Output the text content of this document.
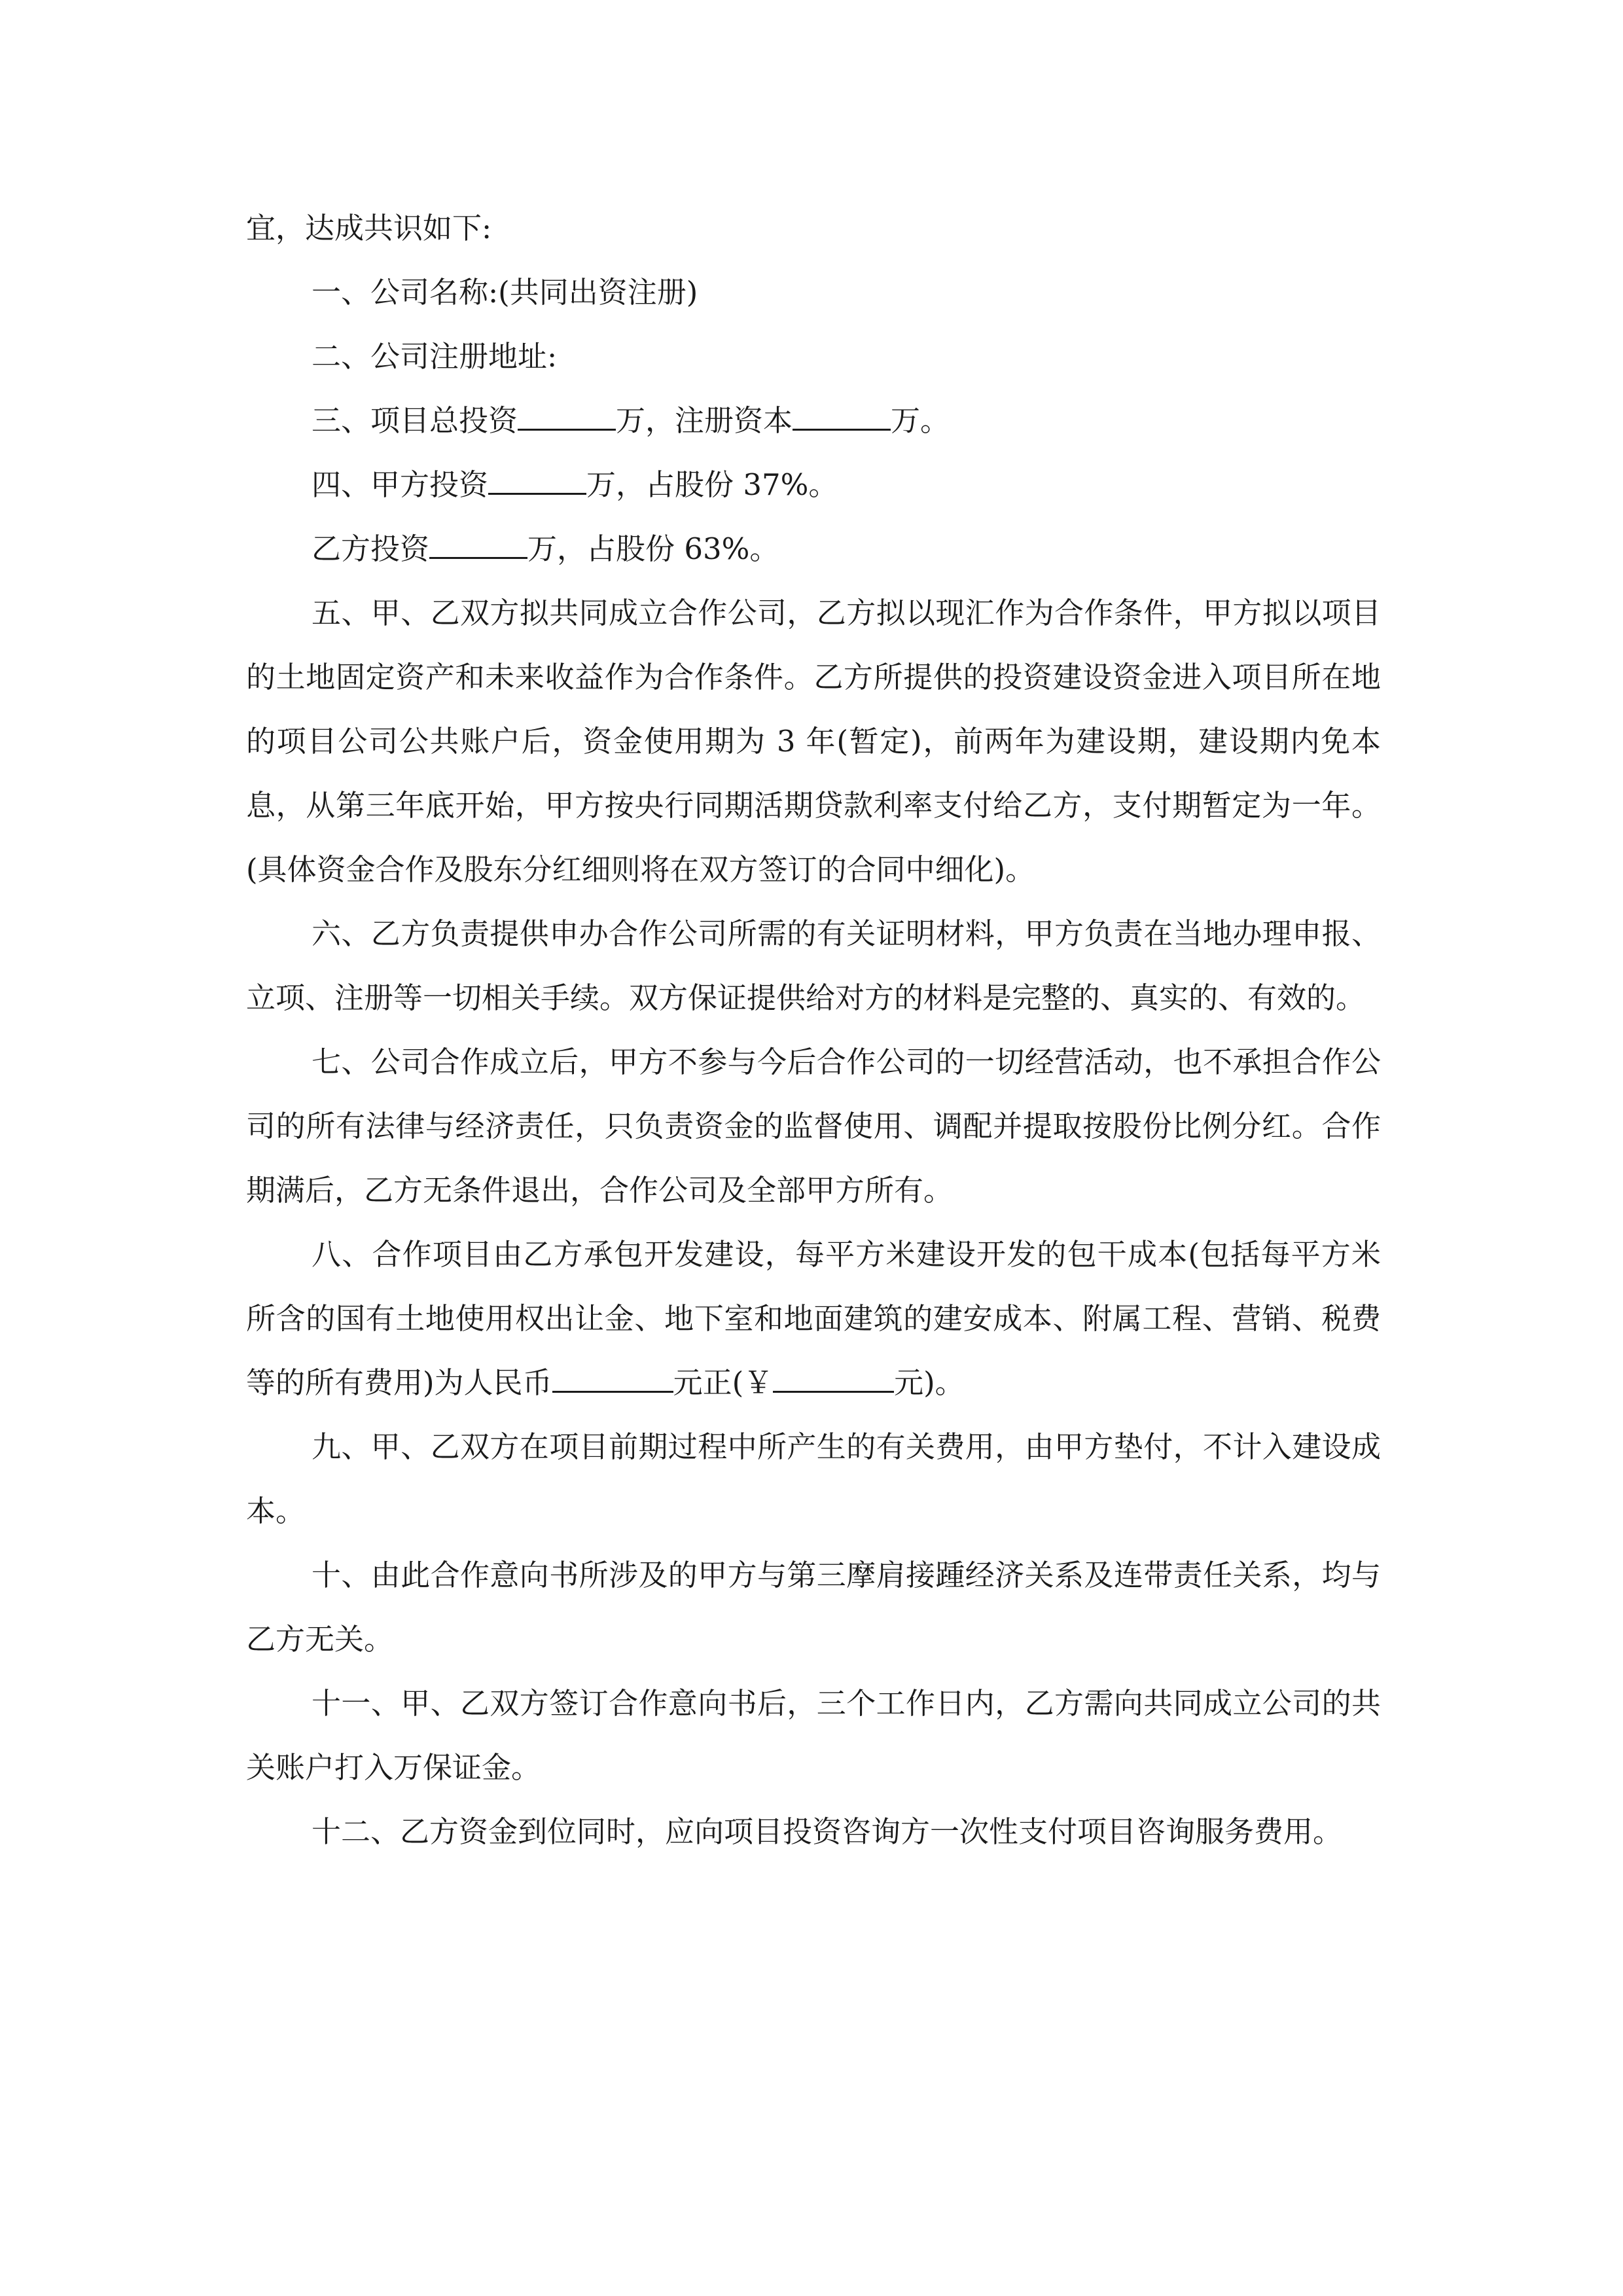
宜，达成共识如下:

一、公司名称:(共同出资注册)

二、公司注册地址:

三、项目总投资	万，注册资本	万。

四、甲方投资	万，占股份 37%。

乙方投资	万，占股份 63%。

五、甲、乙双方拟共同成立合作公司，乙方拟以现汇作为合作条件，甲方拟以项目的土地固定资产和未来收益作为合作条件。乙方所提供的投资建设资金进入项目所在地的项目公司公共账户后，资金使用期为 3 年(暂定)，前两年为建设期，建设期内免本息，从第三年底开始，甲方按央行同期活期贷款利率支付给乙方，支付期暂定为一年。(具体资金合作及股东分红细则将在双方签订的合同中细化)。

六、乙方负责提供申办合作公司所需的有关证明材料，甲方负责在当地办理申报、立项、注册等一切相关手续。双方保证提供给对方的材料是完整的、真实的、有效的。

七、公司合作成立后，甲方不参与今后合作公司的一切经营活动，也不承担合作公司的所有法律与经济责任，只负责资金的监督使用、调配并提取按股份比例分红。合作期满后，乙方无条件退出，合作公司及全部甲方所有。

八、合作项目由乙方承包开发建设，每平方米建设开发的包干成本(包括每平方米所含的国有土地使用权出让金、地下室和地面建筑的建安成本、附属工程、营销、税费等的所有费用)为人民币	元正(￥	元)。

九、甲、乙双方在项目前期过程中所产生的有关费用，由甲方垫付，不计入建设成本。

十、由此合作意向书所涉及的甲方与第三摩肩接踵经济关系及连带责任关系，均与乙方无关。

十一、甲、乙双方签订合作意向书后，三个工作日内，乙方需向共同成立公司的共关账户打入万保证金。

十二、乙方资金到位同时，应向项目投资咨询方一次性支付项目咨询服务费用。
